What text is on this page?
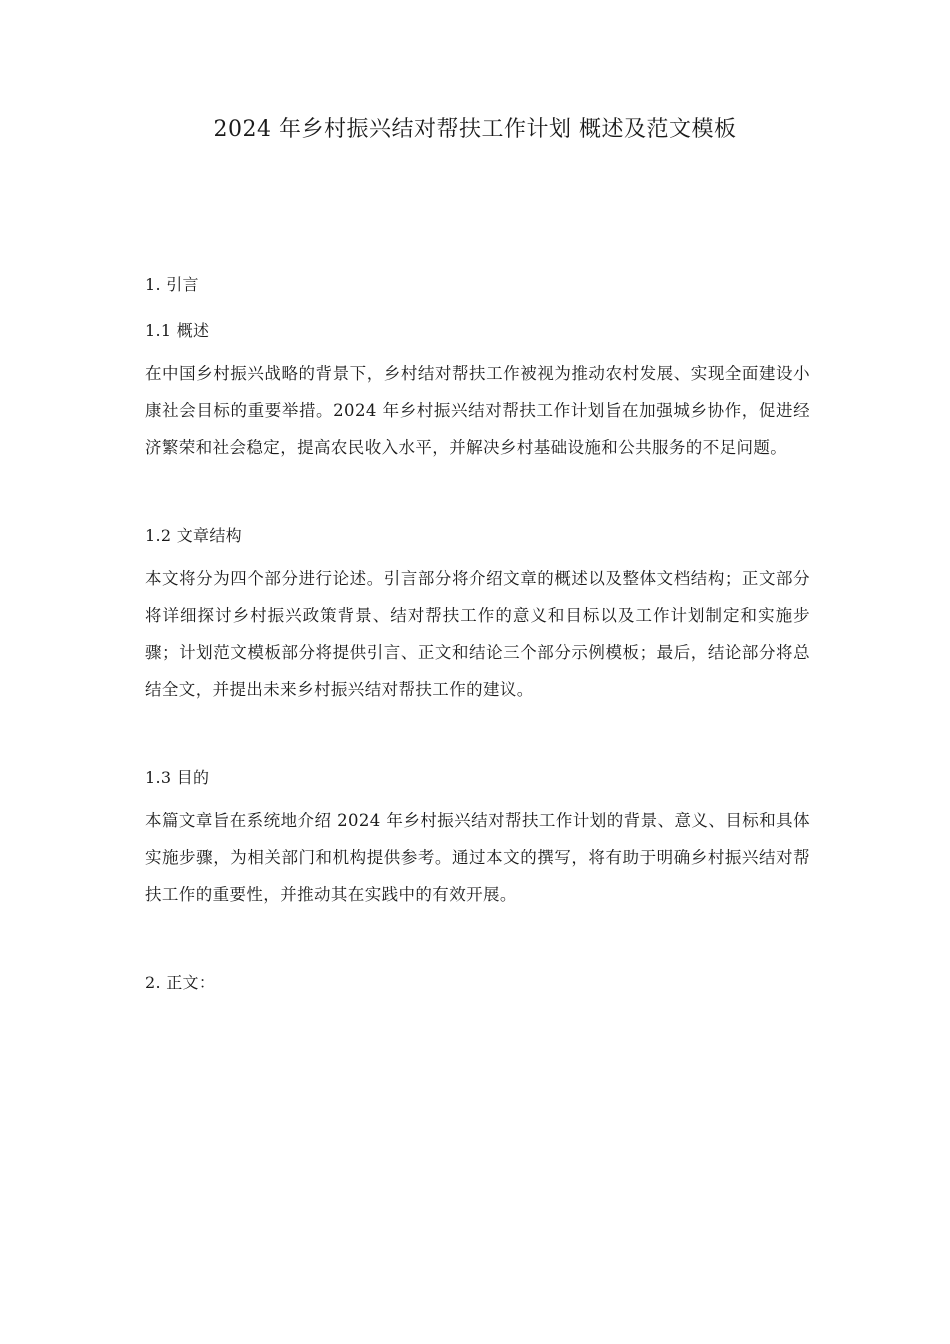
2024 年乡村振兴结对帮扶工作计划 概述及范文模板

1. 引言

1.1 概述

在中国乡村振兴战略的背景下，乡村结对帮扶工作被视为推动农村发展、实现全面建设小康社会目标的重要举措。2024 年乡村振兴结对帮扶工作计划旨在加强城乡协作，促进经济繁荣和社会稳定，提高农民收入水平，并解决乡村基础设施和公共服务的不足问题。

1.2 文章结构

本文将分为四个部分进行论述。引言部分将介绍文章的概述以及整体文档结构；正文部分将详细探讨乡村振兴政策背景、结对帮扶工作的意义和目标以及工作计划制定和实施步骤；计划范文模板部分将提供引言、正文和结论三个部分示例模板；最后，结论部分将总结全文，并提出未来乡村振兴结对帮扶工作的建议。

1.3 目的

本篇文章旨在系统地介绍 2024 年乡村振兴结对帮扶工作计划的背景、意义、目标和具体实施步骤，为相关部门和机构提供参考。通过本文的撰写，将有助于明确乡村振兴结对帮扶工作的重要性，并推动其在实践中的有效开展。

2. 正文：
